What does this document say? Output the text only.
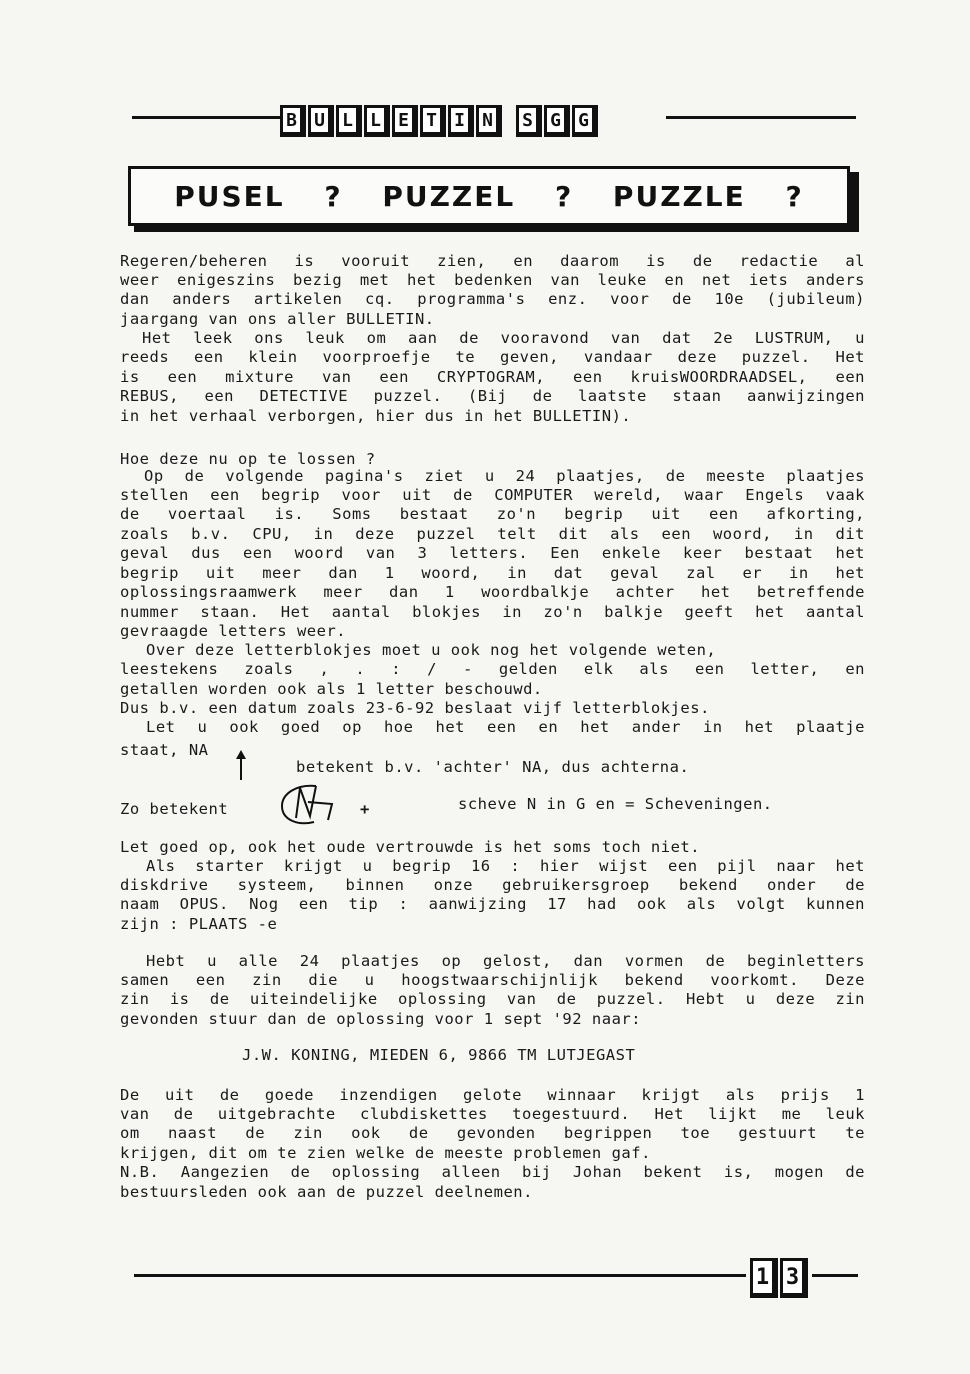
B U L L E T I N	S G G
PUSEL ? PUZZEL ? PUZZLE ?
Regeren/beheren is vooruit zien, en daarom is de redactie al
weer enigeszins bezig met het bedenken van leuke en net iets anders
dan anders artikelen cq. programma's enz. voor de 10e (jubileum)
jaargang van ons aller BULLETIN.
Het leek ons leuk om aan de vooravond van dat 2e LUSTRUM, u
reeds een klein voorproefje te geven, vandaar deze puzzel. Het
is een mixture van een CRYPTOGRAM, een kruisWOORDRAADSEL, een
REBUS, een DETECTIVE puzzel. (Bij de laatste staan aanwijzingen
in het verhaal verborgen, hier dus in het BULLETIN).
Hoe deze nu op te lossen ?
Op de volgende pagina's ziet u 24 plaatjes, de meeste plaatjes
stellen een begrip voor uit de COMPUTER wereld, waar Engels vaak
de voertaal is. Soms bestaat zo'n begrip uit een afkorting,
zoals b.v. CPU, in deze puzzel telt dit als een woord, in dit
geval dus een woord van 3 letters. Een enkele keer bestaat het
begrip uit meer dan 1 woord, in dat geval zal er in het
oplossingsraamwerk meer dan 1 woordbalkje achter het betreffende
nummer staan. Het aantal blokjes in zo'n balkje geeft het aantal
gevraagde letters weer.
Over deze letterblokjes moet u ook nog het volgende weten,
leestekens zoals , . : / - gelden elk als een letter, en
getallen worden ook als 1 letter beschouwd.
Dus b.v. een datum zoals 23-6-92 beslaat vijf letterblokjes.
Let u ook goed op hoe het een en het ander in het plaatje
staat, NA
betekent b.v. 'achter' NA, dus achterna.
Zo betekent	+	scheve N in G en = Scheveningen.
Let goed op, ook het oude vertrouwde is het soms toch niet.
Als starter krijgt u begrip 16 : hier wijst een pijl naar het
diskdrive systeem, binnen onze gebruikersgroep bekend onder de
naam OPUS. Nog een tip : aanwijzing 17 had ook als volgt kunnen
zijn : PLAATS -e
Hebt u alle 24 plaatjes op gelost, dan vormen de beginletters
samen een zin die u hoogstwaarschijnlijk bekend voorkomt. Deze
zin is de uiteindelijke oplossing van de puzzel. Hebt u deze zin
gevonden stuur dan de oplossing voor 1 sept '92 naar:
J.W. KONING, MIEDEN 6, 9866 TM LUTJEGAST
De uit de goede inzendigen gelote winnaar krijgt als prijs 1
van de uitgebrachte clubdiskettes toegestuurd. Het lijkt me leuk
om naast de zin ook de gevonden begrippen toe gestuurt te
krijgen, dit om te zien welke de meeste problemen gaf.
N.B. Aangezien de oplossing alleen bij Johan bekent is, mogen de
bestuursleden ook aan de puzzel deelnemen.
1 3
